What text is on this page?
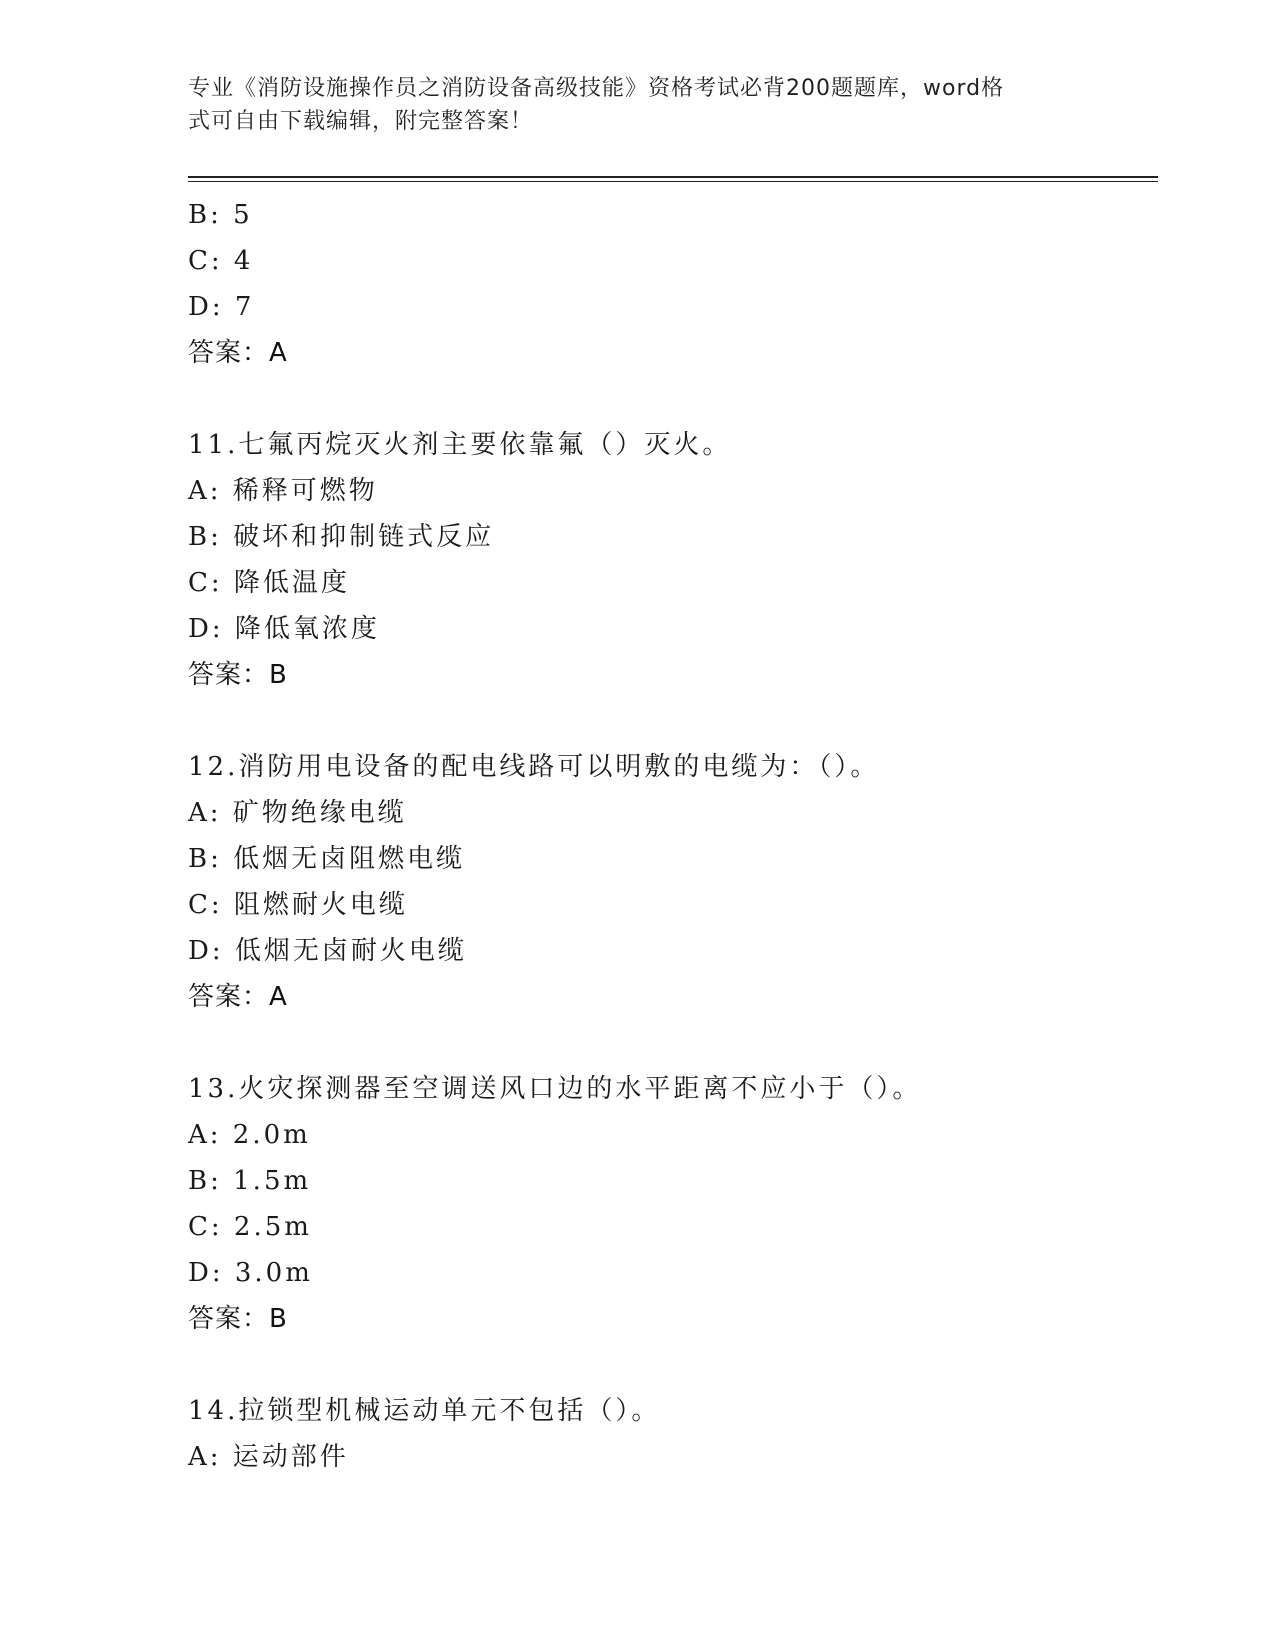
专业《消防设施操作员之消防设备高级技能》资格考试必背200题题库，word格
式可自由下载编辑，附完整答案！
B: 5
C: 4
D: 7
答案：A
11.七氟丙烷灭火剂主要依靠氟（）灭火。
A: 稀释可燃物
B: 破坏和抑制链式反应
C: 降低温度
D: 降低氧浓度
答案：B
12.消防用电设备的配电线路可以明敷的电缆为：（）。
A: 矿物绝缘电缆
B: 低烟无卤阻燃电缆
C: 阻燃耐火电缆
D: 低烟无卤耐火电缆
答案：A
13.火灾探测器至空调送风口边的水平距离不应小于（）。
A: 2.0m
B: 1.5m
C: 2.5m
D: 3.0m
答案：B
14.拉锁型机械运动单元不包括（）。
A: 运动部件
